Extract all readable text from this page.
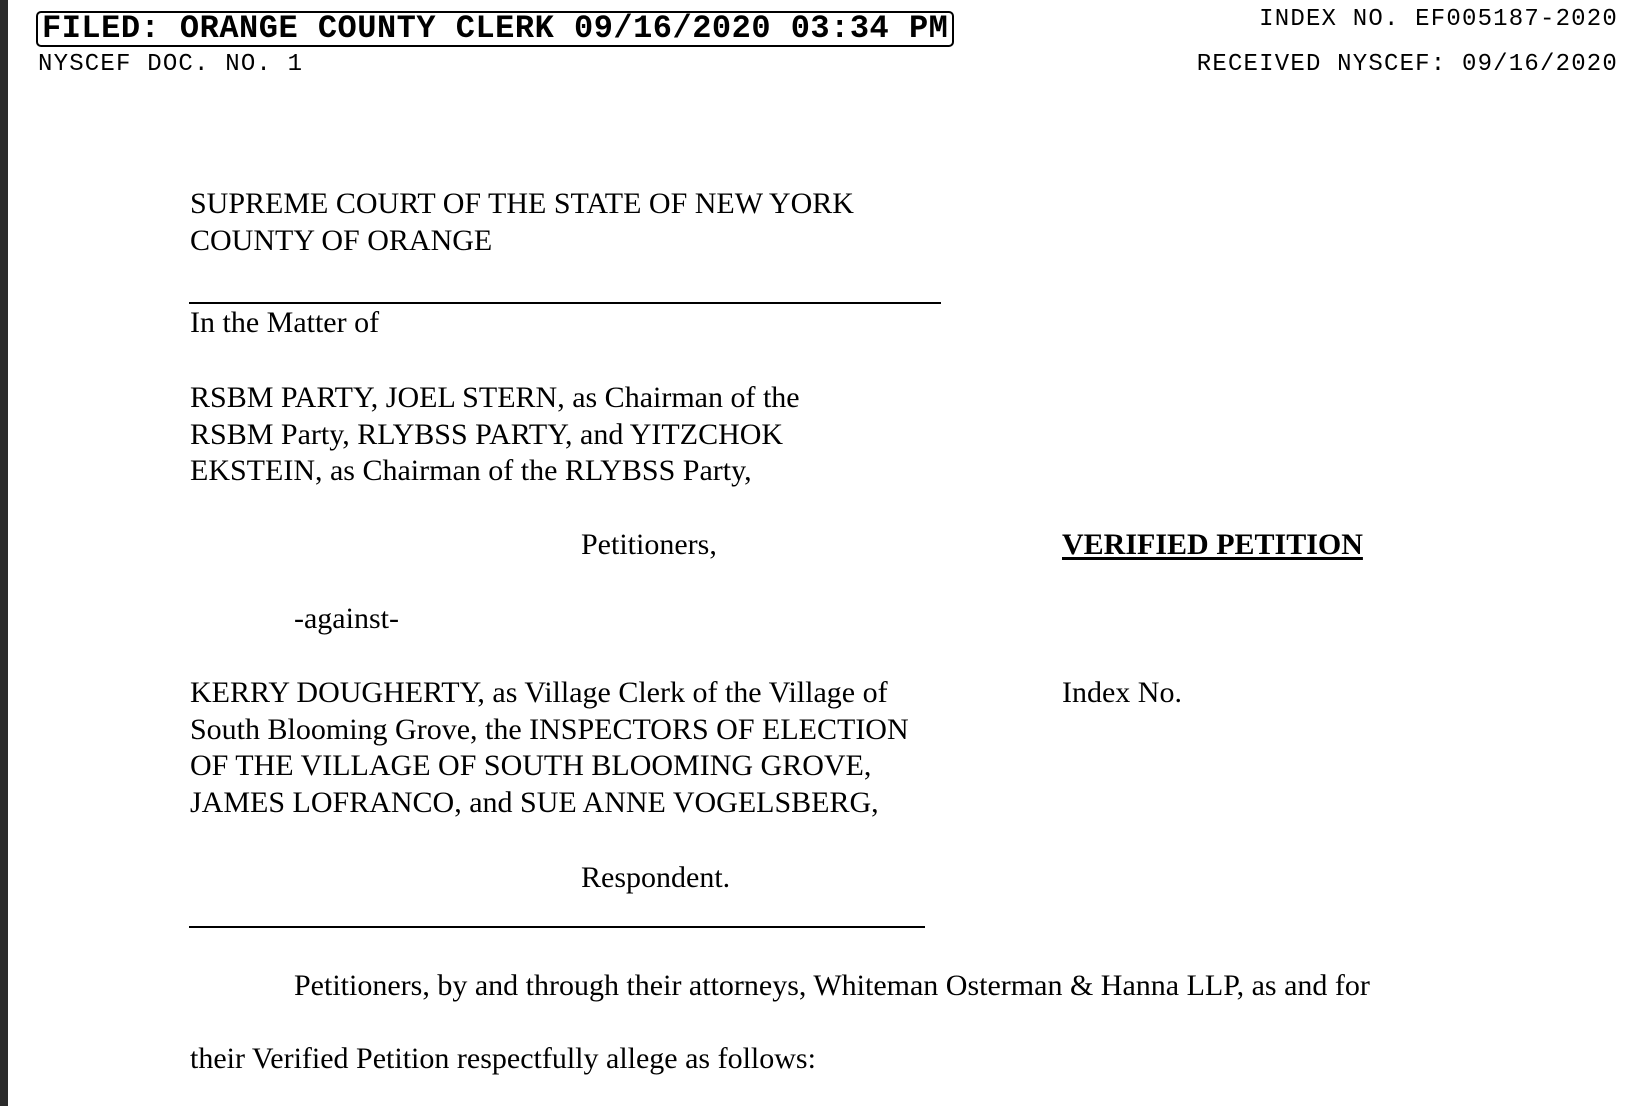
FILED: ORANGE COUNTY CLERK 09/16/2020 03:34 PM	INDEX NO. EF005187-2020
NYSCEF DOC. NO. 1	RECEIVED NYSCEF: 09/16/2020
SUPREME COURT OF THE STATE OF NEW YORK
COUNTY OF ORANGE
In the Matter of
RSBM PARTY, JOEL STERN, as Chairman of the
RSBM Party, RLYBSS PARTY, and YITZCHOK
EKSTEIN, as Chairman of the RLYBSS Party,
Petitioners,	VERIFIED PETITION
-against-
KERRY DOUGHERTY, as Village Clerk of the Village of
South Blooming Grove, the INSPECTORS OF ELECTION
OF THE VILLAGE OF SOUTH BLOOMING GROVE,
JAMES LOFRANCO, and SUE ANNE VOGELSBERG,
Index No.
Respondent.
Petitioners, by and through their attorneys, Whiteman Osterman & Hanna LLP, as and for
their Verified Petition respectfully allege as follows:
